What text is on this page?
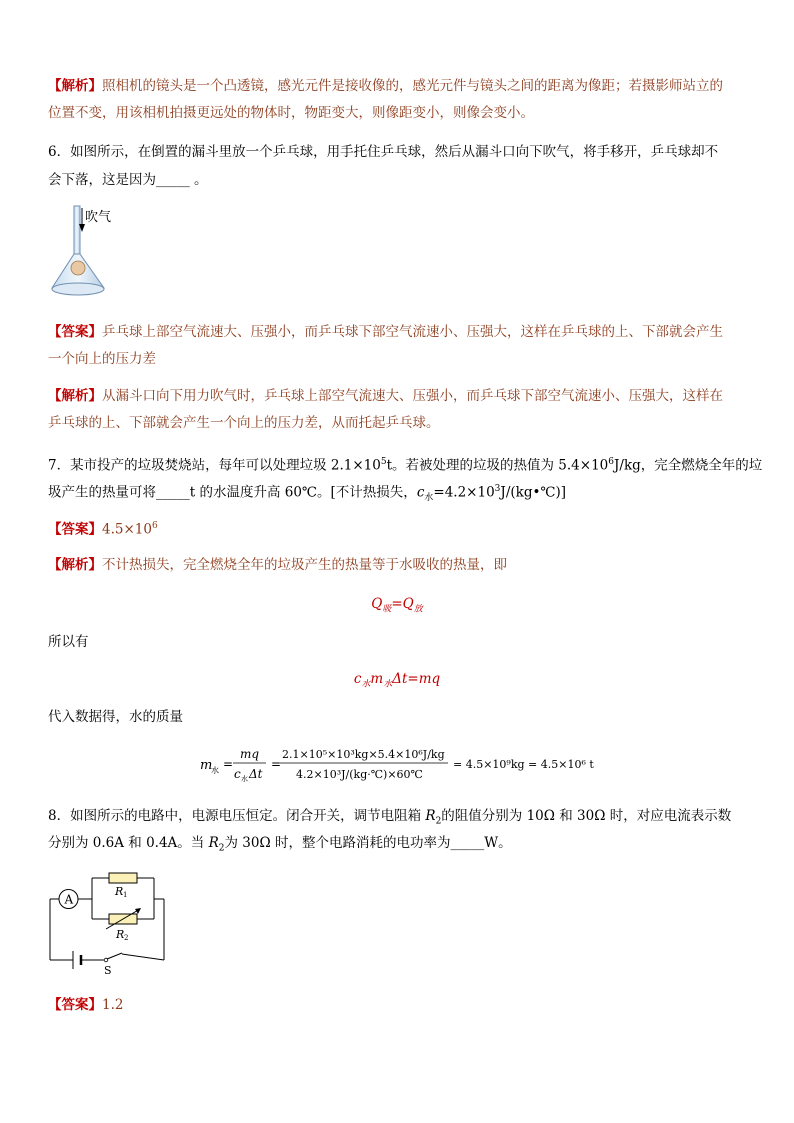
【解析】照相机的镜头是一个凸透镜，感光元件是接收像的，感光元件与镜头之间的距离为像距；若摄影师站立的
位置不变，用该相机拍摄更远处的物体时，物距变大，则像距变小，则像会变小。
6．如图所示，在倒置的漏斗里放一个乒乓球，用手托住乒乓球，然后从漏斗口向下吹气，将手移开，乒乓球却不
会下落，这是因为_____ 。
吹气
【答案】乒乓球上部空气流速大、压强小，而乒乓球下部空气流速小、压强大，这样在乒乓球的上、下部就会产生
一个向上的压力差
【解析】从漏斗口向下用力吹气时，乒乓球上部空气流速大、压强小，而乒乓球下部空气流速小、压强大，这样在
乒乓球的上、下部就会产生一个向上的压力差，从而托起乒乓球。
7．某市投产的垃圾焚烧站，每年可以处理垃圾 $2.1\times 10^5t$。若被处理的垃圾的热值为 $5.4\times 10^6J/kg$，完全燃烧全年的垃
圾产生的热量可将_____t 的水温度升高 60℃。[不计热损失，$c_水=4.2\times 10^3J/(kg•℃)$]
【答案】$4.5\times 10^6$
【解析】不计热损失，完全燃烧全年的垃圾产生的热量等于水吸收的热量，即
$Q_吸=Q_放$
所以有
$c_水m_水\Delta t=mq$
代入数据得，水的质量
m
水 =
mq
c 水 Δt
=
2.1×10⁵×10³kg×5.4×10⁶J/kg
4.2×10³J/(kg·℃)×60℃
= 4.5×10⁹kg = 4.5×10⁶ t
8．如图所示的电路中，电源电压恒定。闭合开关，调节电阻箱 $R_2$的阻值分别为 10Ω 和 30Ω 时，对应电流表示数
分别为 0.6A 和 0.4A。当 $R_2$为 30Ω 时，整个电路消耗的电功率为_____W。
S
A
R 1
R 2
【答案】1.2
